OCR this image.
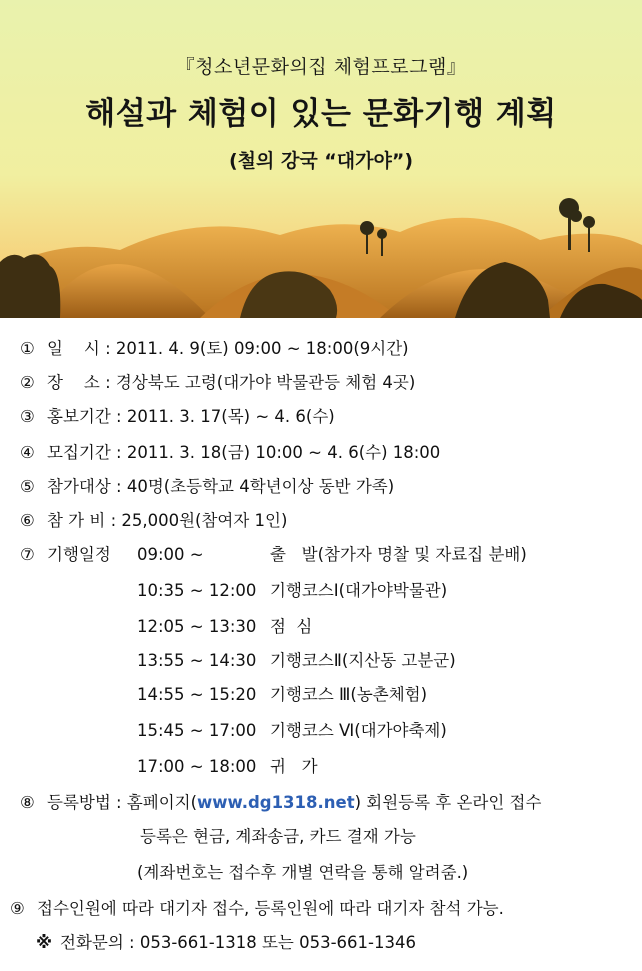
『청소년문화의집 체험프로그램』
해설과 체험이 있는 문화기행 계획
(철의 강국 “대가야”)
① 일    시 : 2011. 4. 9(토) 09:00 ~ 18:00(9시간)
② 장    소 : 경상북도 고령(대가야 박물관등 체험 4곳)
③ 홍보기간 : 2011. 3. 17(목) ~ 4. 6(수)
④ 모집기간 : 2011. 3. 18(금) 10:00 ~ 4. 6(수) 18:00
⑤ 참가대상 : 40명(초등학교 4학년이상 동반 가족)
⑥ 참 가 비 : 25,000원(참여자 1인)
⑦ 기행일정 09:00 ~	출   발(참가자 명찰 및 자료집 분배)
10:35 ~ 12:00 기행코스Ⅰ(대가야박물관)
12:05 ~ 13:30 점  심
13:55 ~ 14:30 기행코스Ⅱ(지산동 고분군)
14:55 ~ 15:20 기행코스 Ⅲ(농촌체험)
15:45 ~ 17:00 기행코스 Ⅵ(대가야축제)
17:00 ~ 18:00 귀   가
⑧ 등록방법 : 홈페이지(www.dg1318.net) 회원등록 후 온라인 접수
등록은 현금, 계좌송금, 카드 결재 가능
(계좌번호는 접수후 개별 연락을 통해 알려줌.)
⑨ 접수인원에 따라 대기자 접수, 등록인원에 따라 대기자 참석 가능.
※ 전화문의 : 053-661-1318 또는 053-661-1346
